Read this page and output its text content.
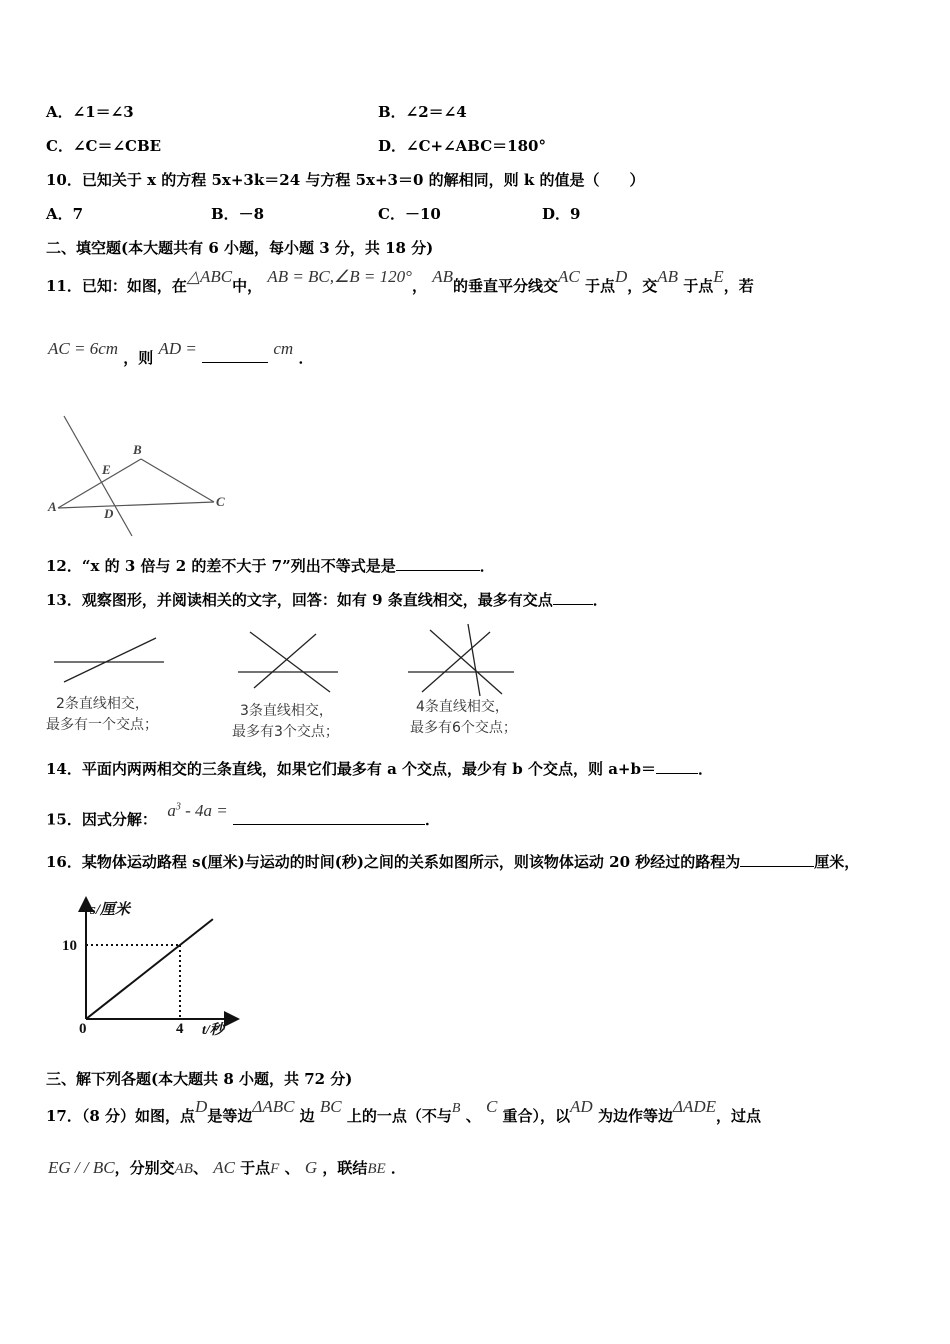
A．∠1＝∠3	B．∠2＝∠4
C．∠C＝∠CBE	D．∠C+∠ABC＝180°
10．已知关于 x 的方程 5x+3k＝24 与方程 5x+3＝0 的解相同，则 k 的值是（　　）
A．7	B．－8	C．－10	D．9
二、填空题(本大题共有 6 小题，每小题 3 分，共 18 分)
11．已知：如图，在△ABC中， AB = BC,∠B = 120°， AB的垂直平分线交AC 于点D，交AB 于点E，若
AC = 6cm ，则 AD =	cm ．
A
B
C
D
E
12．“x 的 3 倍与 2 的差不大于 7”列出不等式是是	．
13．观察图形，并阅读相关的文字，回答：如有 9 条直线相交，最多有交点	．
2条直线相交，
最多有一个交点；
3条直线相交，
最多有3个交点；
4条直线相交，
最多有6个交点；
14．平面内两两相交的三条直线，如果它们最多有 a 个交点，最少有 b 个交点，则 a+b＝	．
15．因式分解： $a^3 - 4a$ =	．
16．某物体运动路程 s(厘米)与运动的时间(秒)之间的关系如图所示，则该物体运动 20 秒经过的路程为	厘米，
0	4
10
s/厘米
t/秒
三、解下列各题(本大题共 8 小题，共 72 分)
17．（8 分）如图，点D是等边ΔABC 边 BC 上的一点（不与B 、 C 重合），以AD 为边作等边ΔADE，过点
EG / / BC，分别交AB、 AC 于点F 、 G ，联结BE ．
